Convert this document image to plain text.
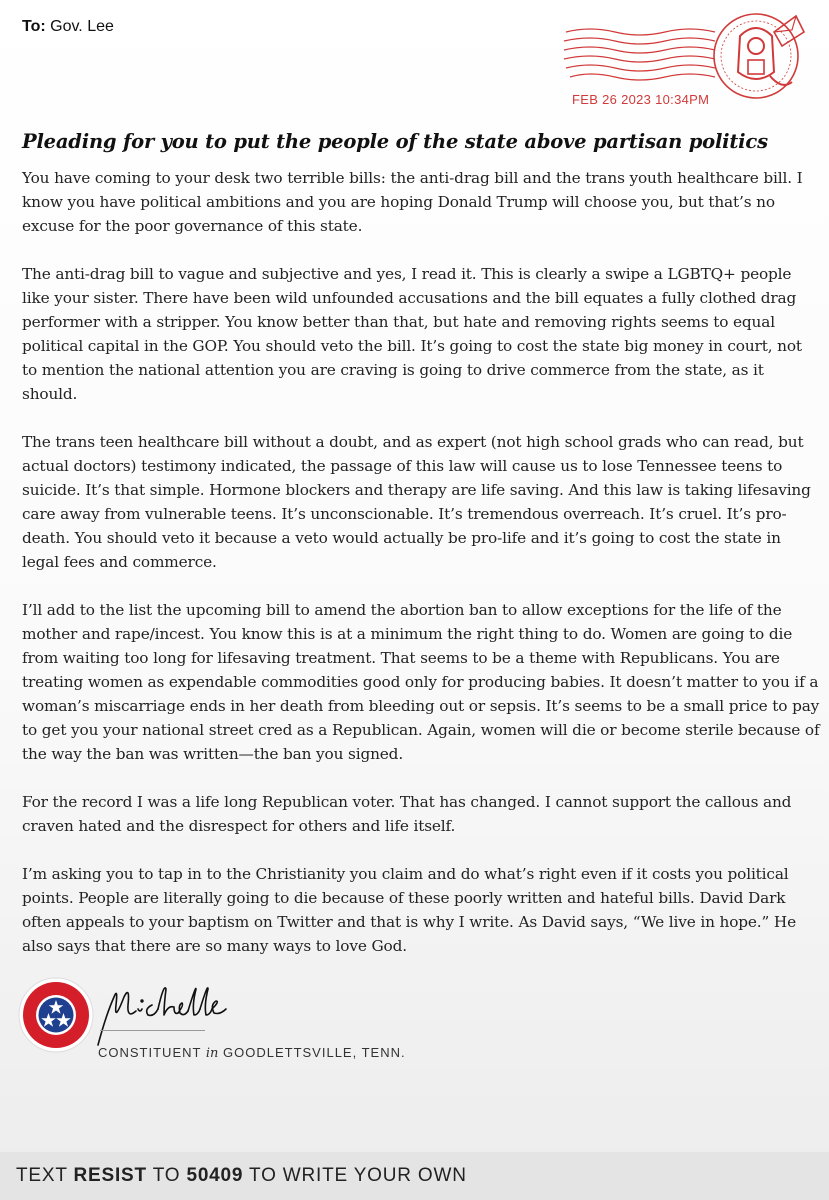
To: Gov. Lee
FEB 26 2023 10:34PM
Pleading for you to put the people of the state above partisan politics

You have coming to your desk two terrible bills: the anti-drag bill and the trans youth healthcare bill. I know you have political ambitions and you are hoping Donald Trump will choose you, but that’s no excuse for the poor governance of this state.

The anti-drag bill to vague and subjective and yes, I read it. This is clearly a swipe a LGBTQ+ people like your sister. There have been wild unfounded accusations and the bill equates a fully clothed drag performer with a stripper. You know better than that, but hate and removing rights seems to equal political capital in the GOP. You should veto the bill. It’s going to cost the state big money in court, not to mention the national attention you are craving is going to drive commerce from the state, as it should.

The trans teen healthcare bill without a doubt, and as expert (not high school grads who can read, but actual doctors) testimony indicated, the passage of this law will cause us to lose Tennessee teens to suicide. It’s that simple. Hormone blockers and therapy are life saving. And this law is taking lifesaving care away from vulnerable teens. It’s unconscionable. It’s tremendous overreach. It’s cruel. It’s pro-death. You should veto it because a veto would actually be pro-life and it’s going to cost the state in legal fees and commerce.

I’ll add to the list the upcoming bill to amend the abortion ban to allow exceptions for the life of the mother and rape/incest. You know this is at a minimum the right thing to do. Women are going to die from waiting too long for lifesaving treatment. That seems to be a theme with Republicans. You are treating women as expendable commodities good only for producing babies. It doesn’t matter to you if a woman’s miscarriage ends in her death from bleeding out or sepsis. It’s seems to be a small price to pay to get you your national street cred as a Republican. Again, women will die or become sterile because of the way the ban was written—the ban you signed.

For the record I was a life long Republican voter. That has changed. I cannot support the callous and craven hated and the disrespect for others and life itself.

I’m asking you to tap in to the Christianity you claim and do what’s right even if it costs you political points. People are literally going to die because of these poorly written and hateful bills. David Dark often appeals to your baptism on Twitter and that is why I write. As David says, “We live in hope.” He also says that there are so many ways to love God.

CONSTITUENT in GOODLETTSVILLE, TENN.
TEXT RESIST TO 50409 TO WRITE YOUR OWN
